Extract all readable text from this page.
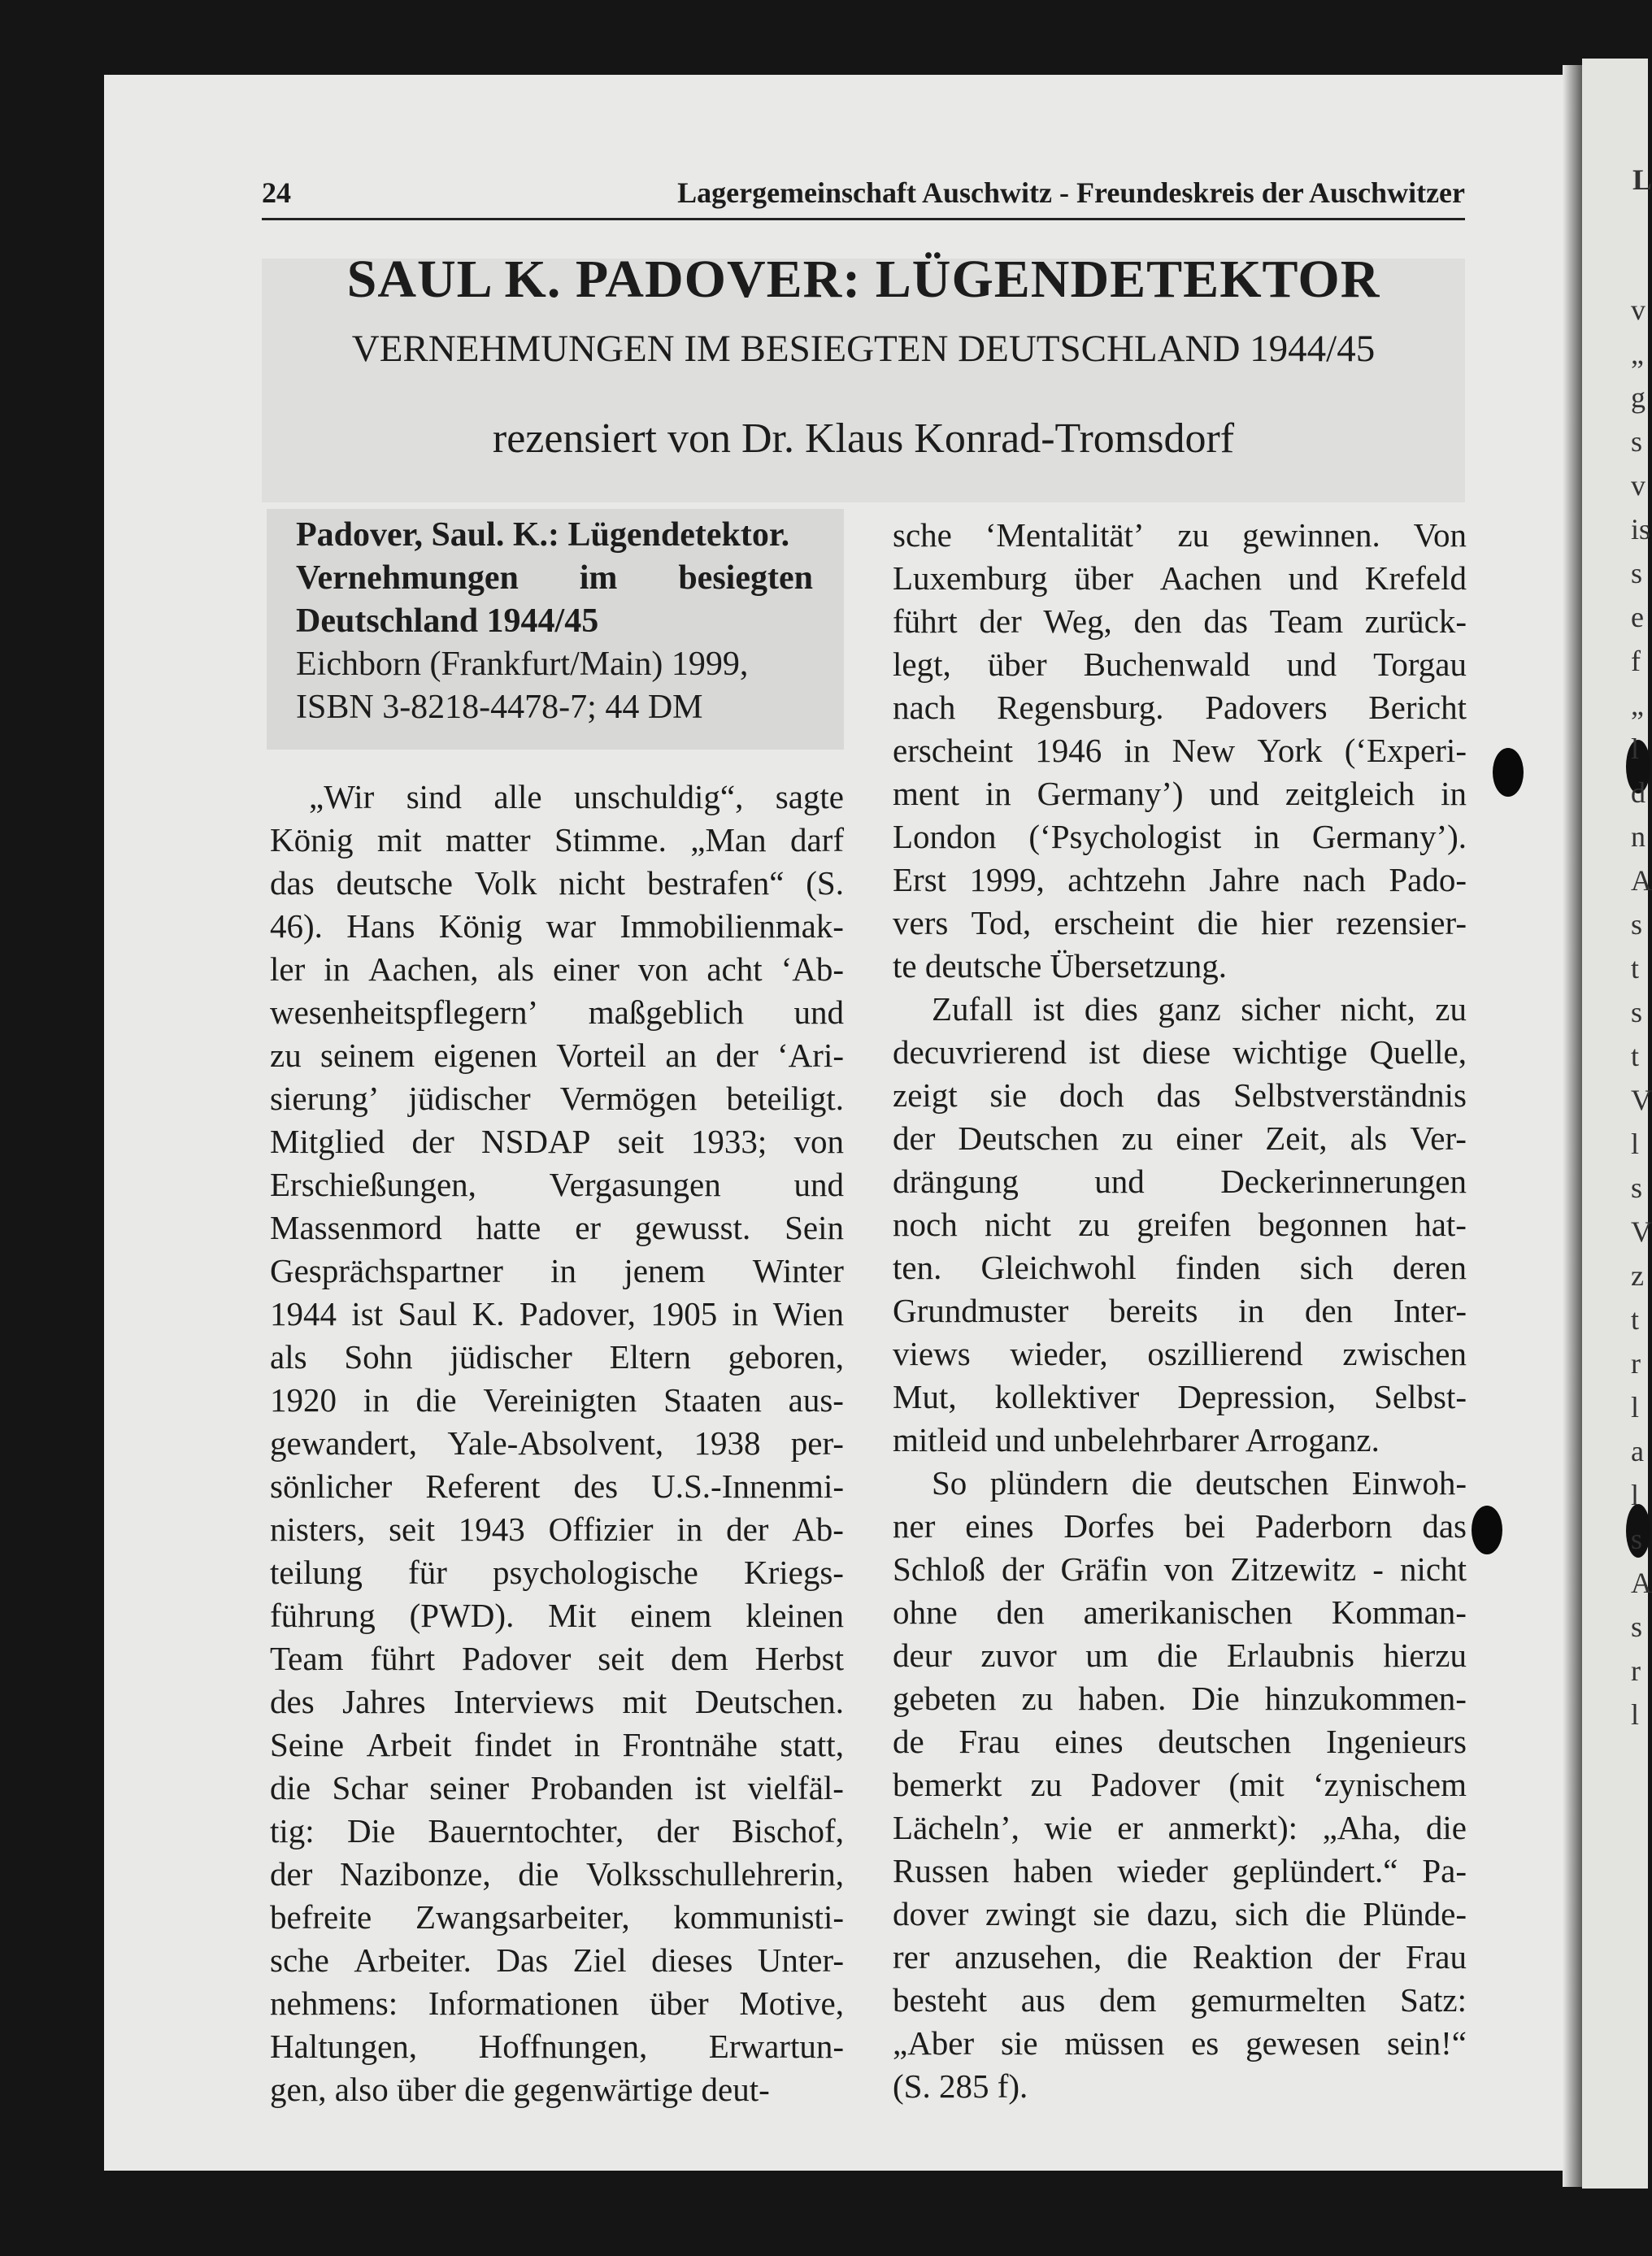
24	Lagergemeinschaft Auschwitz - Freundeskreis der Auschwitzer
SAUL K. PADOVER: LÜGENDETEKTOR
VERNEHMUNGEN IM BESIEGTEN DEUTSCHLAND 1944/45
rezensiert von Dr. Klaus Konrad-Tromsdorf
Padover, Saul. K.: Lügendetektor.
Vernehmungen im besiegten
Deutschland 1944/45
Eichborn (Frankfurt/Main) 1999,
ISBN 3-8218-4478-7; 44 DM
„Wir sind alle unschuldig“, sagte
König mit matter Stimme. „Man darf
das deutsche Volk nicht bestrafen“ (S.
46). Hans König war Immobilienmak-
ler in Aachen, als einer von acht ‘Ab-
wesenheitspflegern’ maßgeblich und
zu seinem eigenen Vorteil an der ‘Ari-
sierung’ jüdischer Vermögen beteiligt.
Mitglied der NSDAP seit 1933; von
Erschießungen, Vergasungen und
Massenmord hatte er gewusst. Sein
Gesprächspartner in jenem Winter
1944 ist Saul K. Padover, 1905 in Wien
als Sohn jüdischer Eltern geboren,
1920 in die Vereinigten Staaten aus-
gewandert, Yale-Absolvent, 1938 per-
sönlicher Referent des U.S.-Innenmi-
nisters, seit 1943 Offizier in der Ab-
teilung für psychologische Kriegs-
führung (PWD). Mit einem kleinen
Team führt Padover seit dem Herbst
des Jahres Interviews mit Deutschen.
Seine Arbeit findet in Frontnähe statt,
die Schar seiner Probanden ist vielfäl-
tig: Die Bauerntochter, der Bischof,
der Nazibonze, die Volksschullehrerin,
befreite Zwangsarbeiter, kommunisti-
sche Arbeiter. Das Ziel dieses Unter-
nehmens: Informationen über Motive,
Haltungen, Hoffnungen, Erwartun-
gen, also über die gegenwärtige deut-
sche ‘Mentalität’ zu gewinnen. Von
Luxemburg über Aachen und Krefeld
führt der Weg, den das Team zurück-
legt, über Buchenwald und Torgau
nach Regensburg. Padovers Bericht
erscheint 1946 in New York (‘Experi-
ment in Germany’) und zeitgleich in
London (‘Psychologist in Germany’).
Erst 1999, achtzehn Jahre nach Pado-
vers Tod, erscheint die hier rezensier-
te deutsche Übersetzung.
Zufall ist dies ganz sicher nicht, zu
decuvrierend ist diese wichtige Quelle,
zeigt sie doch das Selbstverständnis
der Deutschen zu einer Zeit, als Ver-
drängung und Deckerinnerungen
noch nicht zu greifen begonnen hat-
ten. Gleichwohl finden sich deren
Grundmuster bereits in den Inter-
views wieder, oszillierend zwischen
Mut, kollektiver Depression, Selbst-
mitleid und unbelehrbarer Arroganz.
So plündern die deutschen Einwoh-
ner eines Dorfes bei Paderborn das
Schloß der Gräfin von Zitzewitz - nicht
ohne den amerikanischen Komman-
deur zuvor um die Erlaubnis hierzu
gebeten zu haben. Die hinzukommen-
de Frau eines deutschen Ingenieurs
bemerkt zu Padover (mit ‘zynischem
Lächeln’, wie er anmerkt): „Aha, die
Russen haben wieder geplündert.“ Pa-
dover zwingt sie dazu, sich die Plünde-
rer anzusehen, die Reaktion der Frau
besteht aus dem gemurmelten Satz:
„Aber sie müssen es gewesen sein!“
(S. 285 f).
L
v
„
g
s
v
is
s
e
f
„
l
d
n
A
s
t
s
t
V
l
s
V
z
t
r
l
a
l
s
A
s
r
l
